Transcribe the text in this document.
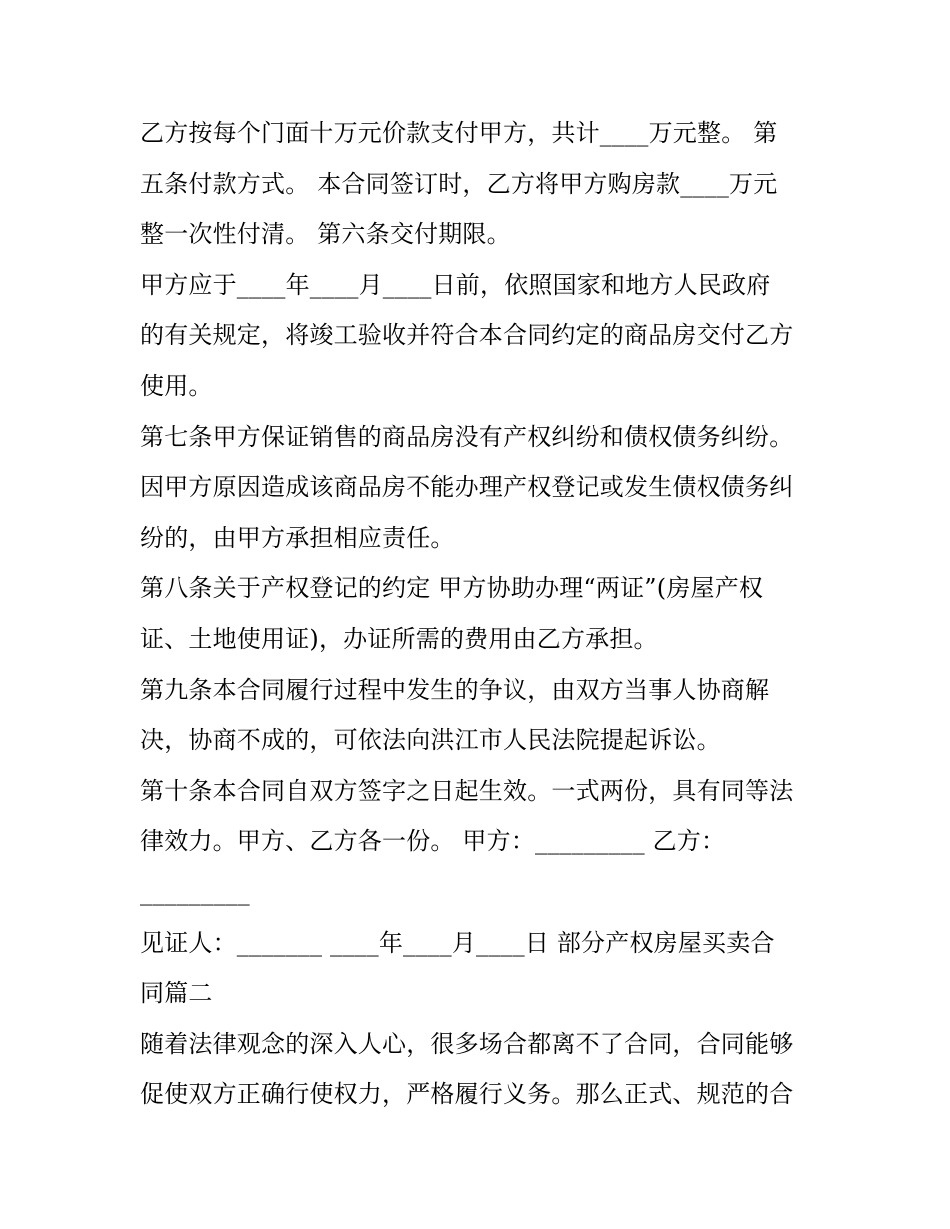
乙方按每个门面十万元价款支付甲方，共计____万元整。 第
五条付款方式。 本合同签订时，乙方将甲方购房款____万元
整一次性付清。 第六条交付期限。
甲方应于____年____月____日前，依照国家和地方人民政府
的有关规定，将竣工验收并符合本合同约定的商品房交付乙方
使用。
第七条甲方保证销售的商品房没有产权纠纷和债权债务纠纷。
因甲方原因造成该商品房不能办理产权登记或发生债权债务纠
纷的，由甲方承担相应责任。
第八条关于产权登记的约定 甲方协助办理“两证”(房屋产权
证、土地使用证)，办证所需的费用由乙方承担。
第九条本合同履行过程中发生的争议，由双方当事人协商解
决，协商不成的，可依法向洪江市人民法院提起诉讼。
第十条本合同自双方签字之日起生效。一式两份，具有同等法
律效力。甲方、乙方各一份。 甲方：_________ 乙方：
_________
见证人：_______ ____年____月____日 部分产权房屋买卖合
同篇二
随着法律观念的深入人心，很多场合都离不了合同，合同能够
促使双方正确行使权力，严格履行义务。那么正式、规范的合
